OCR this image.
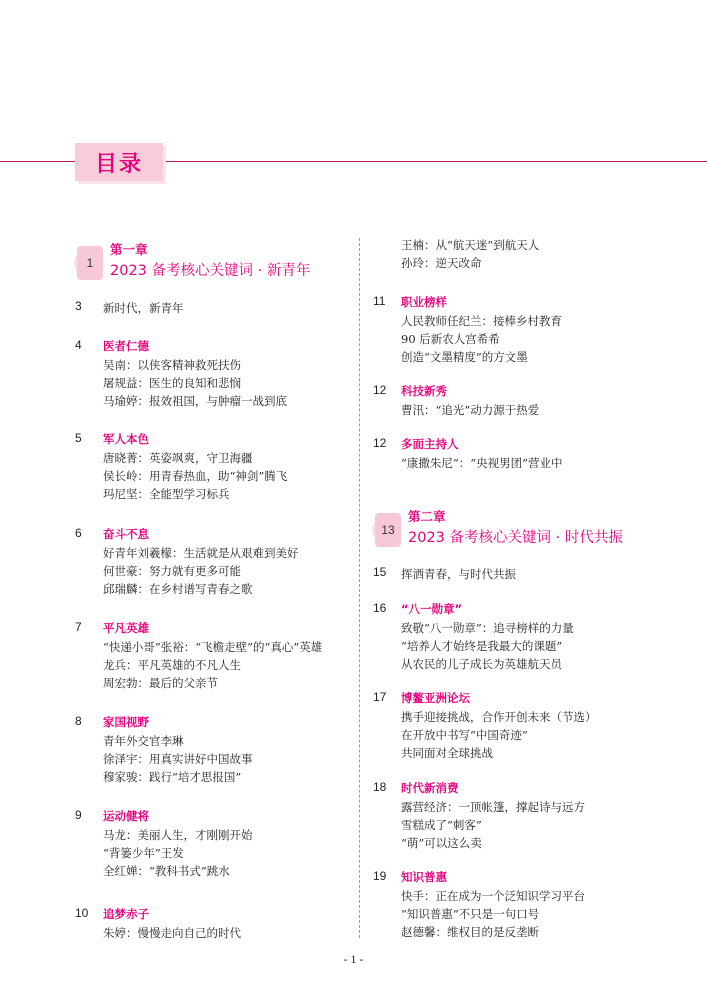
目录
1
第一章
2023 备考核心关键词 · 新青年
3 新时代，新青年
4 医者仁德
吴南：以侠客精神救死扶伤
屠规益：医生的良知和悲悯
马瑜婷：报效祖国，与肿瘤一战到底
5 军人本色
唐晓菁：英姿飒爽，守卫海疆
侯长岭：用青春热血，助“神剑”腾飞
玛尼坚：全能型学习标兵
6 奋斗不息
好青年刘羲檬：生活就是从艰难到美好
何世豪：努力就有更多可能
邱瑞麟：在乡村谱写青春之歌
7 平凡英雄
“快递小哥”张裕：“飞檐走壁”的“真心”英雄
龙兵：平凡英雄的不凡人生
周宏勃：最后的父亲节
8 家国视野
青年外交官李琳
徐泽宇：用真实讲好中国故事
穆家骏：践行“培才思报国”
9 运动健将
马龙：美丽人生，才刚刚开始
“背篓少年”王发
全红婵：“教科书式”跳水
10 追梦赤子
朱婷：慢慢走向自己的时代
王楠：从“航天迷”到航天人
孙玲：逆天改命
11 职业榜样
人民教师任纪兰：接棒乡村教育
90 后新农人宫希希
创造“文墨精度”的方文墨
12 科技新秀
曹汛：“追光”动力源于热爱
12 多面主持人
“康撒朱尼”：“央视男团”营业中
13
第二章
2023 备考核心关键词 · 时代共振
15 挥洒青春，与时代共振
16 “八一勋章”
致敬“八一勋章”：追寻榜样的力量
“培养人才始终是我最大的课题”
从农民的儿子成长为英雄航天员
17 博鳌亚洲论坛
携手迎接挑战，合作开创未来（节选）
在开放中书写“中国奇迹”
共同面对全球挑战
18 时代新消费
露营经济：一顶帐篷，撑起诗与远方
雪糕成了“刺客”
“萌”可以这么卖
19 知识普惠
快手：正在成为一个泛知识学习平台
“知识普惠”不只是一句口号
赵德馨：维权目的是反垄断
- 1 -
